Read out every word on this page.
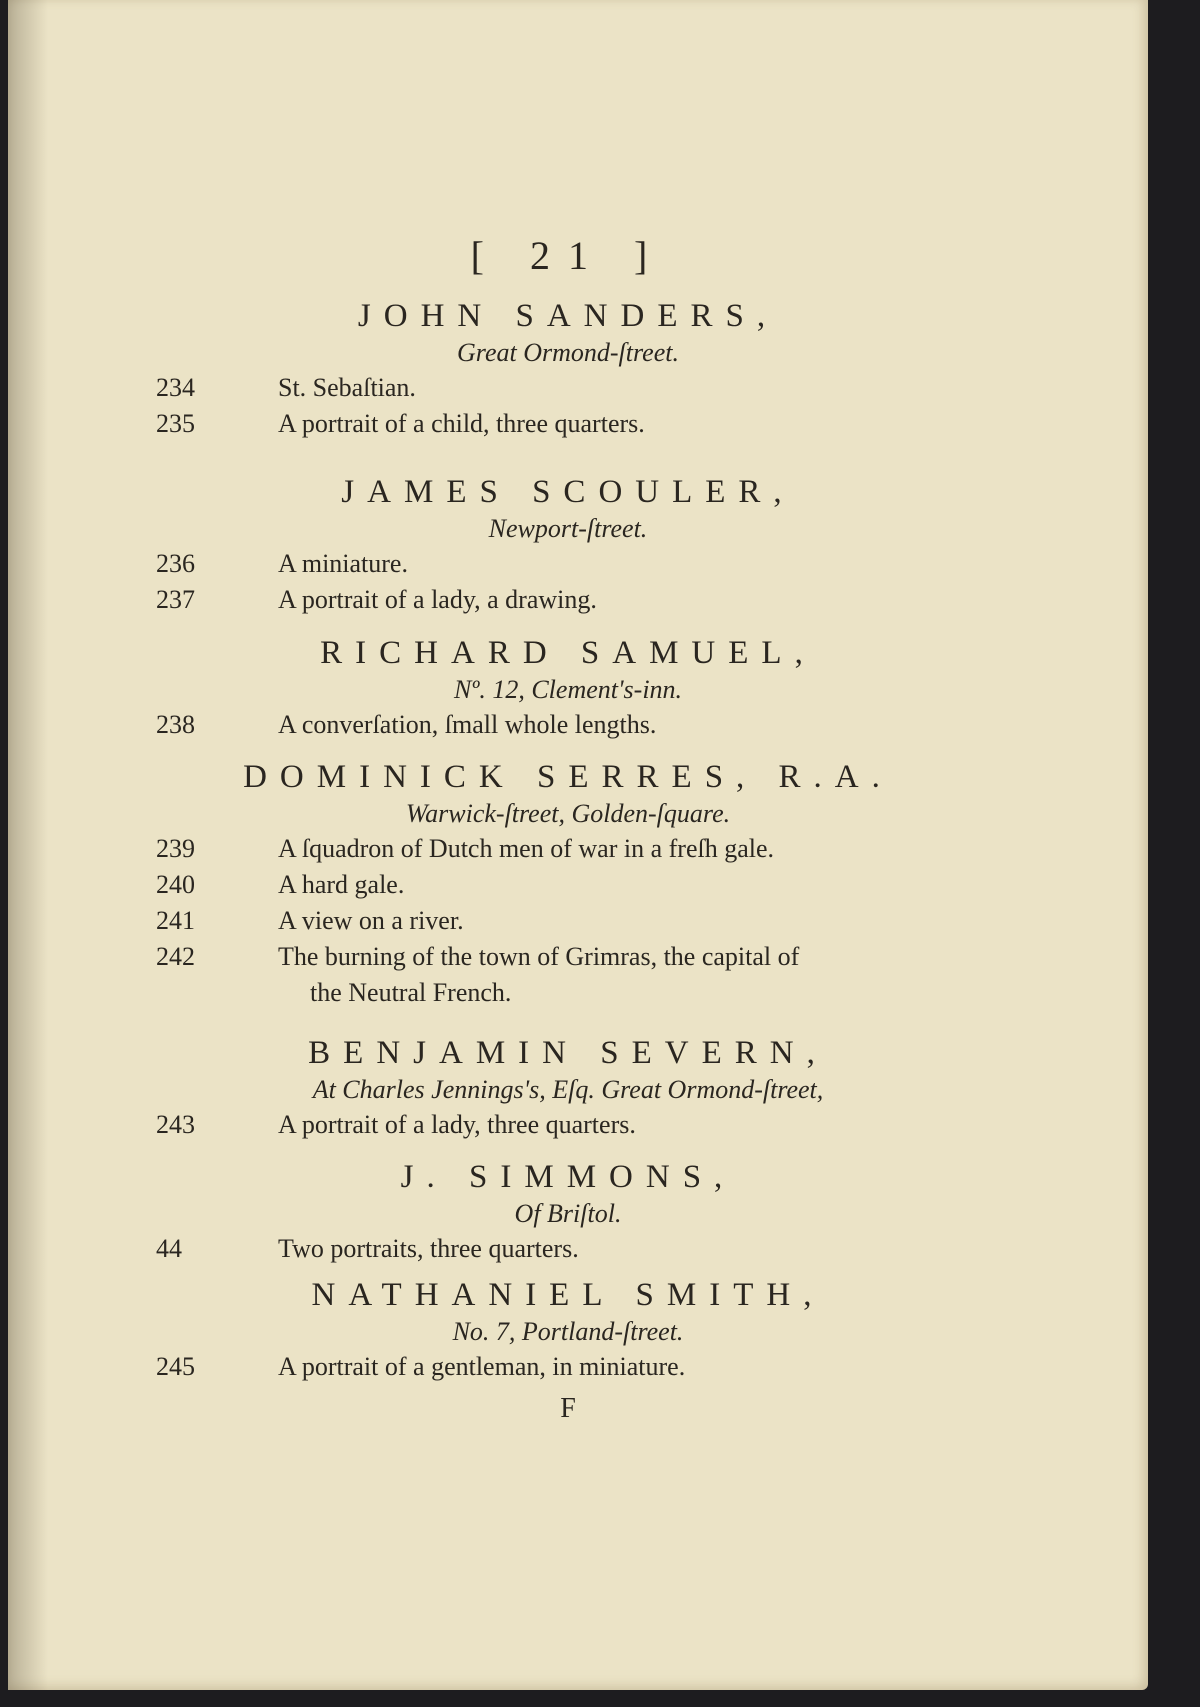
[ 21 ]
JOHN SANDERS,
Great Ormond-ſtreet.
234	St. Sebaſtian.
235	A portrait of a child, three quarters.
JAMES SCOULER,
Newport-ſtreet.
236	A miniature.
237	A portrait of a lady, a drawing.
RICHARD SAMUEL,
Nº. 12, Clement's-inn.
238	A converſation, ſmall whole lengths.
DOMINICK SERRES, R.A.
Warwick-ſtreet, Golden-ſquare.
239	A ſquadron of Dutch men of war in a freſh gale.
240	A hard gale.
241	A view on a river.
242	The burning of the town of Grimras, the capital of
the Neutral French.
BENJAMIN SEVERN,
At Charles Jennings's, Eſq. Great Ormond-ſtreet,
243	A portrait of a lady, three quarters.
J. SIMMONS,
Of Briſtol.
44	Two portraits, three quarters.
NATHANIEL SMITH,
No. 7, Portland-ſtreet.
245	A portrait of a gentleman, in miniature.
F
